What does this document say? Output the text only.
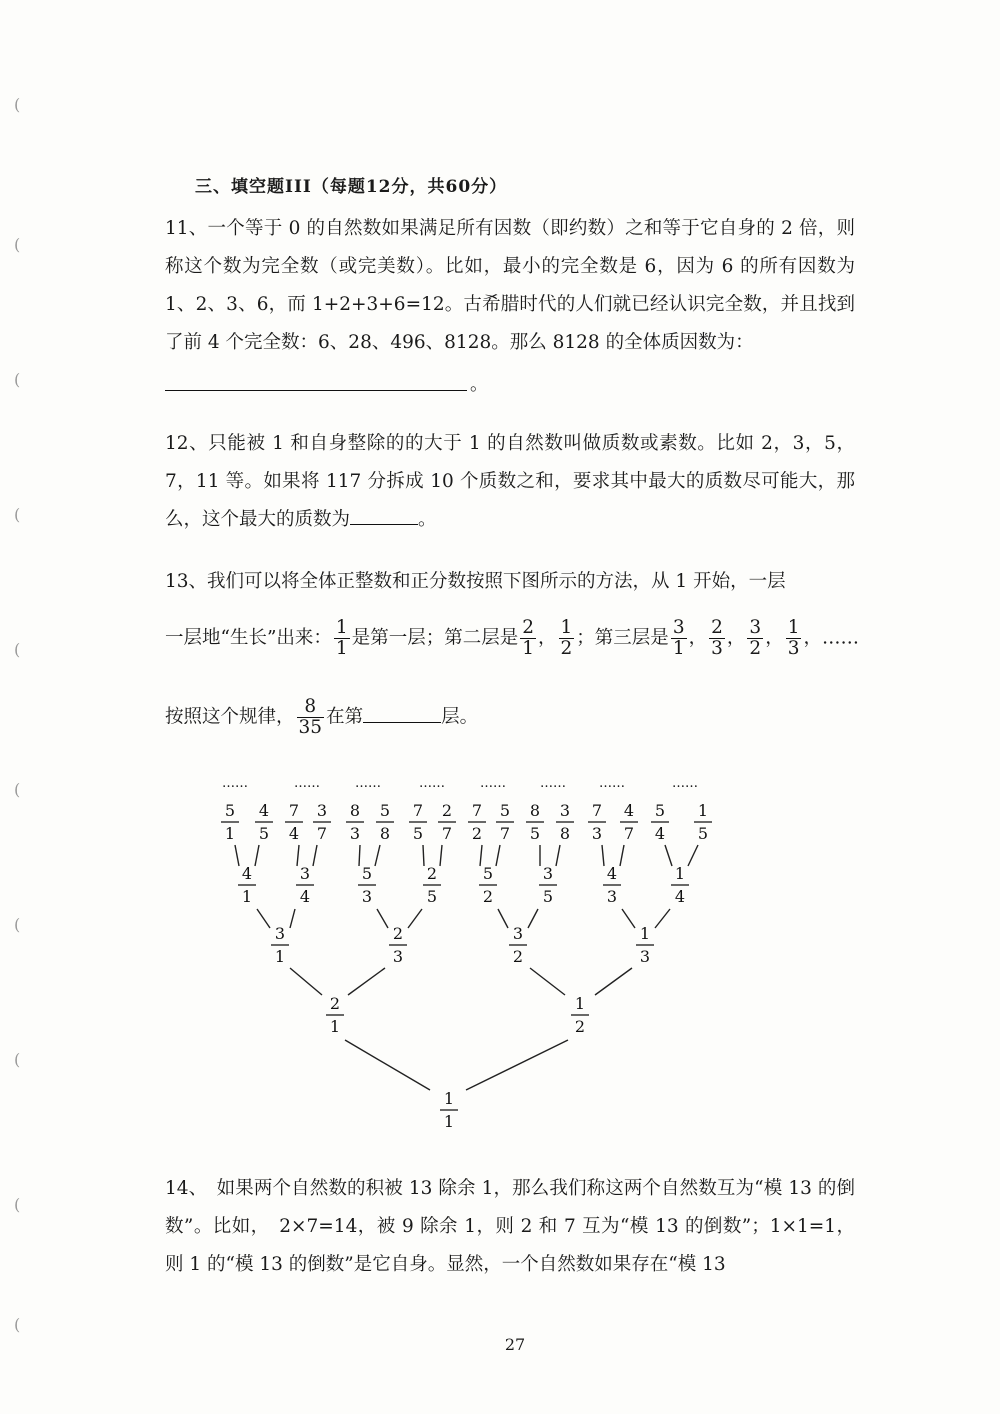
(
(
(
(
(
(
(
(
(
(
三、填空题III（每题12分，共60分）
11、一个等于 0 的自然数如果满足所有因数（即约数）之和等于它自身的 2 倍，则称这个数为完全数（或完美数）。比如，最小的完全数是 6，因为 6 的所有因数为 1、2、3、6，而 1+2+3+6=12。古希腊时代的人们就已经认识完全数，并且找到了前 4 个完全数：6、28、496、8128。那么 8128 的全体质因数为：
。
12、只能被 1 和自身整除的的大于 1 的自然数叫做质数或素数。比如 2，3，5，7，11 等。如果将 117 分拆成 10 个质数之和，要求其中最大的质数尽可能大，那么，这个最大的质数为	。
13、我们可以将全体正整数和正分数按照下图所示的方法，从 1 开始，一层
一层地“生长”出来： $\frac{1}{1}$ 是第一层；第二层是 $\frac{2}{1}$ ， $\frac{1}{2}$ ；第三层是 $\frac{3}{1}$ ， $\frac{2}{3}$ ， $\frac{3}{2}$ ， $\frac{1}{3}$ ，……
按照这个规律， $\frac{8}{35}$ 在第	层。
1
1
2
1
1
2
3
1
2
3
3
2
1
3
4
1
3
4
5
3
2
5
5
2
3
5
4
3
1
4
5
1
4
5
7
4
3
7
8
3
5
8
7
5
2
7
7
2
5
7
8
5
3
8
7
3
4
7
5
4
1
5
……	……	……	……	……	……	……	……
14、　如果两个自然数的积被 13 除余 1，那么我们称这两个自然数互为“模 13 的倒数”。比如，　2×7=14，被 9 除余 1，则 2 和 7 互为“模 13 的倒数”；1×1=1，则 1 的“模 13 的倒数”是它自身。显然，一个自然数如果存在“模 13
27
